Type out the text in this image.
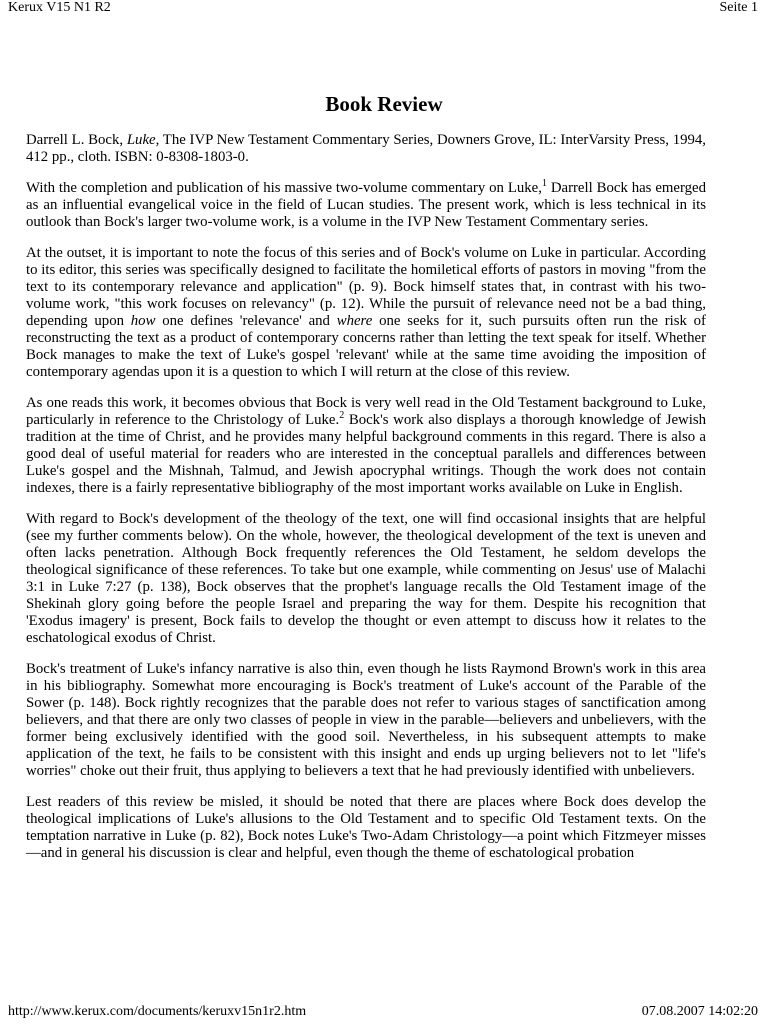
Kerux V15 N1 R2	Seite 1
Book Review

Darrell L. Bock, Luke, The IVP New Testament Commentary Series, Downers Grove, IL: InterVarsity Press, 1994, 412 pp., cloth. ISBN: 0-8308-1803-0.

With the completion and publication of his massive two-volume commentary on Luke,$^1$ Darrell Bock has emerged as an influential evangelical voice in the field of Lucan studies. The present work, which is less technical in its outlook than Bock's larger two-volume work, is a volume in the IVP New Testament Commentary series.

At the outset, it is important to note the focus of this series and of Bock's volume on Luke in particular. According to its editor, this series was specifically designed to facilitate the homiletical efforts of pastors in moving "from the text to its contemporary relevance and application" (p. 9). Bock himself states that, in contrast with his two-volume work, "this work focuses on relevancy" (p. 12). While the pursuit of relevance need not be a bad thing, depending upon how one defines 'relevance' and where one seeks for it, such pursuits often run the risk of reconstructing the text as a product of contemporary concerns rather than letting the text speak for itself. Whether Bock manages to make the text of Luke's gospel 'relevant' while at the same time avoiding the imposition of contemporary agendas upon it is a question to which I will return at the close of this review.

As one reads this work, it becomes obvious that Bock is very well read in the Old Testament background to Luke, particularly in reference to the Christology of Luke.$^2$ Bock's work also displays a thorough knowledge of Jewish tradition at the time of Christ, and he provides many helpful background comments in this regard. There is also a good deal of useful material for readers who are interested in the conceptual parallels and differences between Luke's gospel and the Mishnah, Talmud, and Jewish apocryphal writings. Though the work does not contain indexes, there is a fairly representative bibliography of the most important works available on Luke in English.

With regard to Bock's development of the theology of the text, one will find occasional insights that are helpful (see my further comments below). On the whole, however, the theological development of the text is uneven and often lacks penetration. Although Bock frequently references the Old Testament, he seldom develops the theological significance of these references. To take but one example, while commenting on Jesus' use of Malachi 3:1 in Luke 7:27 (p. 138), Bock observes that the prophet's language recalls the Old Testament image of the Shekinah glory going before the people Israel and preparing the way for them. Despite his recognition that 'Exodus imagery' is present, Bock fails to develop the thought or even attempt to discuss how it relates to the eschatological exodus of Christ.

Bock's treatment of Luke's infancy narrative is also thin, even though he lists Raymond Brown's work in this area in his bibliography. Somewhat more encouraging is Bock's treatment of Luke's account of the Parable of the Sower (p. 148). Bock rightly recognizes that the parable does not refer to various stages of sanctification among believers, and that there are only two classes of people in view in the parable—believers and unbelievers, with the former being exclusively identified with the good soil. Nevertheless, in his subsequent attempts to make application of the text, he fails to be consistent with this insight and ends up urging believers not to let "life's worries" choke out their fruit, thus applying to believers a text that he had previously identified with unbelievers.

Lest readers of this review be misled, it should be noted that there are places where Bock does develop the theological implications of Luke's allusions to the Old Testament and to specific Old Testament texts. On the temptation narrative in Luke (p. 82), Bock notes Luke's Two-Adam Christology—a point which Fitzmeyer misses—and in general his discussion is clear and helpful, even though the theme of eschatological probation

http://www.kerux.com/documents/keruxv15n1r2.htm	07.08.2007 14:02:20
